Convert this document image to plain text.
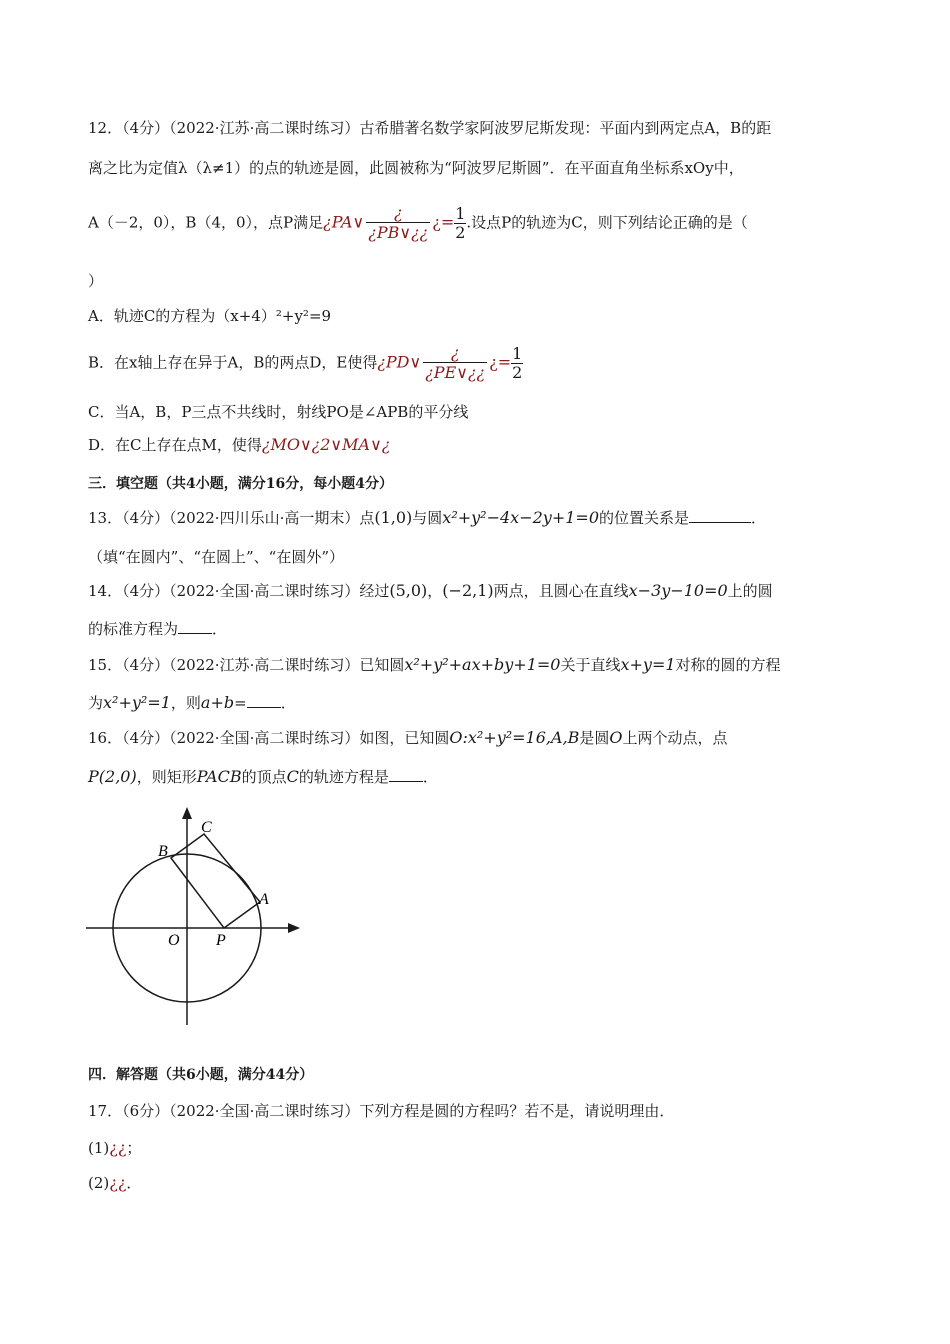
12．（4分）（2022·江苏·高二课时练习）古希腊著名数学家阿波罗尼斯发现：平面内到两定点A，B的距
离之比为定值λ（λ≠1）的点的轨迹是圆，此圆被称为“阿波罗尼斯圆”．在平面直角坐标系xOy中，
A（－2，0），B（4，0），点P满足¿PA∨ $\frac{¿}{¿PB\vee¿¿}$ ¿= $\frac{1}{2}$ .设点P的轨迹为C，则下列结论正确的是（
）
A．轨迹C的方程为（x+4）²+y²=9
B．在x轴上存在异于A，B的两点D，E使得¿PD∨ $\frac{¿}{¿PE\vee¿¿}$ ¿= $\frac{1}{2}$
C．当A，B，P三点不共线时，射线PO是∠APB的平分线
D．在C上存在点M，使得¿MO∨¿2∨MA∨¿
三．填空题（共4小题，满分16分，每小题4分）
13．（4分）（2022·四川乐山·高一期末）点(1,0)与圆x²+y²−4x−2y+1=0的位置关系是	．
（填“在圆内”、“在圆上”、“在圆外”）
14．（4分）（2022·全国·高二课时练习）经过(5,0)，(−2,1)两点，且圆心在直线x−3y−10=0上的圆
的标准方程为 ．
15．（4分）（2022·江苏·高二课时练习）已知圆x²+y²+ax+by+1=0关于直线x+y=1对称的圆的方程
为x²+y²=1，则a+b= ．
16．（4分）（2022·全国·高二课时练习）如图，已知圆O:x²+y²=16,A,B是圆O上两个动点，点
P(2,0)，则矩形PACB的顶点C的轨迹方程是 ．
C
B
A
O P
四．解答题（共6小题，满分44分）
17．（6分）（2022·全国·高二课时练习）下列方程是圆的方程吗？若不是，请说明理由．
(1)¿¿；
(2)¿¿．
